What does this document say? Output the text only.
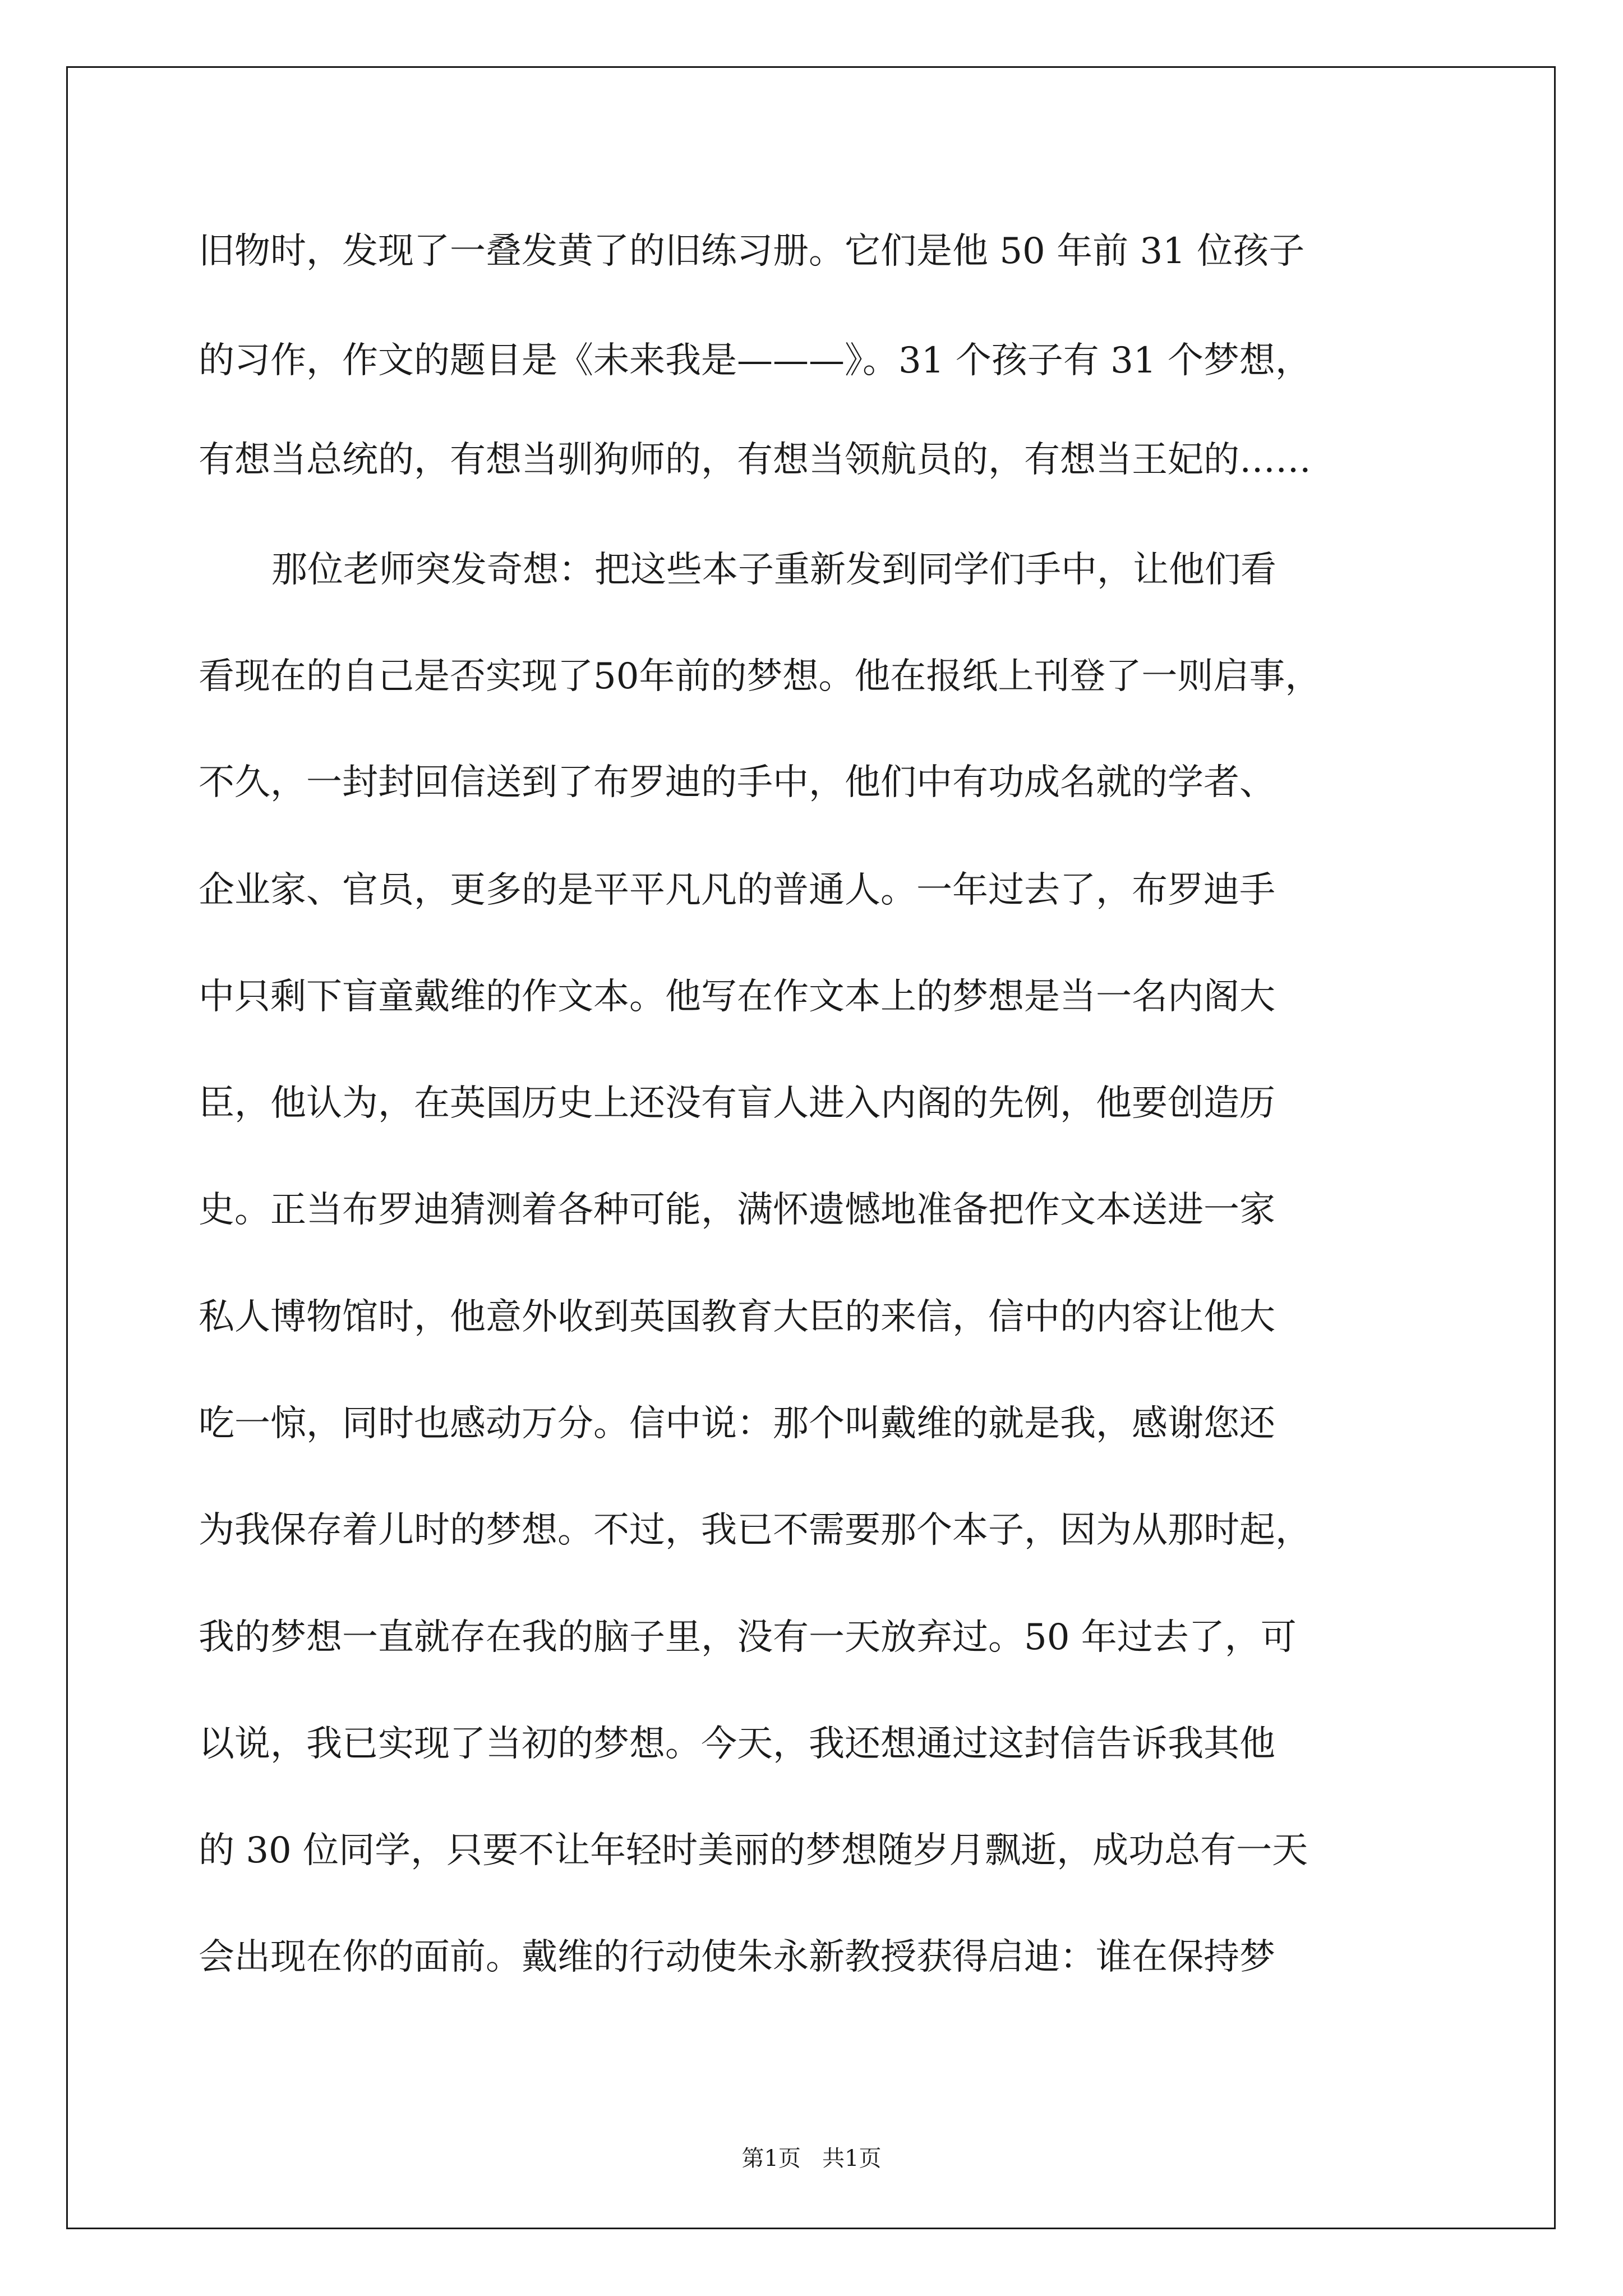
旧物时，发现了一叠发黄了的旧练习册。它们是他 50 年前 31 位孩子

的习作，作文的题目是《未来我是———》。31 个孩子有 31 个梦想，

有想当总统的，有想当驯狗师的，有想当领航员的，有想当王妃的……

那位老师突发奇想：把这些本子重新发到同学们手中，让他们看

看现在的自己是否实现了50年前的梦想。他在报纸上刊登了一则启事，

不久，一封封回信送到了布罗迪的手中，他们中有功成名就的学者、

企业家、官员，更多的是平平凡凡的普通人。一年过去了，布罗迪手

中只剩下盲童戴维的作文本。他写在作文本上的梦想是当一名内阁大

臣，他认为，在英国历史上还没有盲人进入内阁的先例，他要创造历

史。正当布罗迪猜测着各种可能，满怀遗憾地准备把作文本送进一家

私人博物馆时，他意外收到英国教育大臣的来信，信中的内容让他大

吃一惊，同时也感动万分。信中说：那个叫戴维的就是我，感谢您还

为我保存着儿时的梦想。不过，我已不需要那个本子，因为从那时起，

我的梦想一直就存在我的脑子里，没有一天放弃过。50 年过去了，可

以说，我已实现了当初的梦想。今天，我还想通过这封信告诉我其他

的 30 位同学，只要不让年轻时美丽的梦想随岁月飘逝，成功总有一天

会出现在你的面前。戴维的行动使朱永新教授获得启迪：谁在保持梦

第1页   共1页
